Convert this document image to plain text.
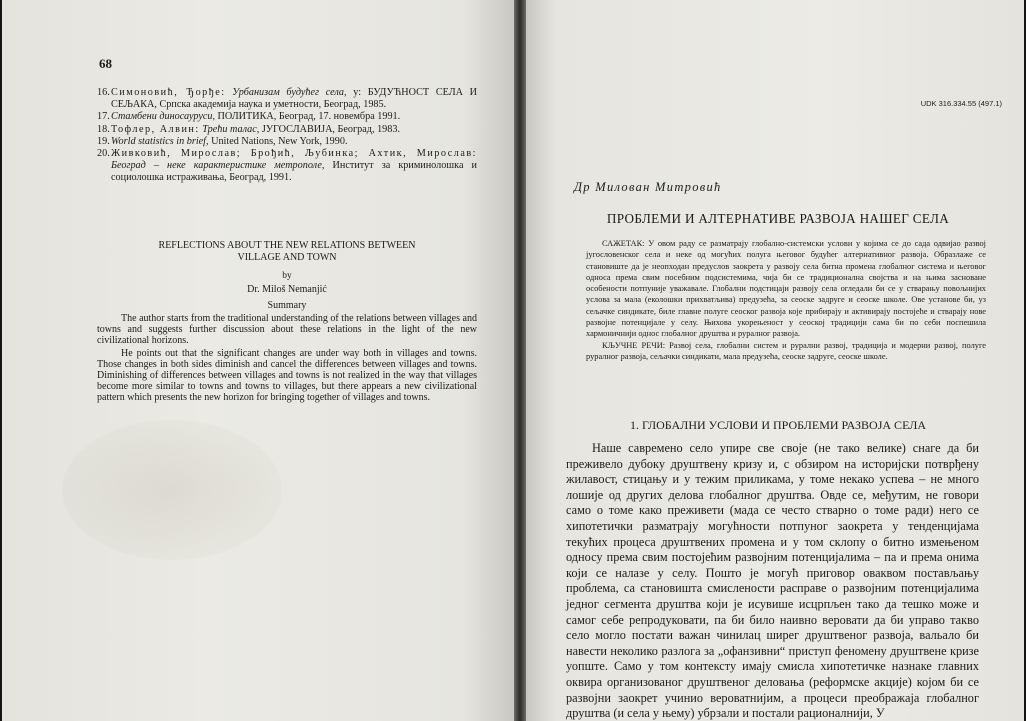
68
16. Симоновић, Ђорђе: Урбанизам будућег села, у: БУДУЋНОСТ СЕЛА И СЕЉАКА, Српска академија наука и уметности, Београд, 1985.
17. Стамбени диносауруси, ПОЛИТИКА, Београд, 17. новембра 1991.
18. Тофлер, Алвин: Трећи талас, ЈУГОСЛАВИЈА, Београд, 1983.
19. World statistics in brief, United Nations, New York, 1990.
20. Живковић, Мирослав; Брођић, Љубинка; Ахтик, Мирослав: Београд – неке карактеристике метрополе, Институт за криминолошка и социолошка истраживања, Београд, 1991.
REFLECTIONS ABOUT THE NEW RELATIONS BETWEEN
VILLAGE AND TOWN
by
Dr. Miloš Nemanjić
Summary

The author starts from the traditional understanding of the relations between villages and towns and suggests further discussion about these relations in the light of the new civilizational horizons.

He points out that the significant changes are under way both in villages and towns. Those changes in both sides diminish and cancel the differences between villages and towns. Diminishing of differences between villages and towns is not realized in the way that villages become more similar to towns and towns to villages, but there appears a new civilizational pattern which presents the new horizon for bringing together of villages and towns.

UDK 316.334.55 (497.1)
Др Милован Митровић
ПРОБЛЕМИ И АЛТЕРНАТИВЕ РАЗВОЈА НАШЕГ СЕЛА

САЖЕТАК: У овом раду се разматрају глобално-системски услови у којима се до сада одвијао развој југословенског села и неке од могућих полуга његовог будућег алтернативног развоја. Образлаже се становиште да је неопходан предуслов заокрета у развоју села битна промена глобалног система и његовог односа према свим посебним подсистемима, чија би се традиционална својства и на њима засноване особености потпуније уважавале. Глобални подстицаји развоју села огледали би се у стварању повољнијих услова за мала (еколошки прихватљива) предузећа, за сеоске задруге и сеоске школе. Ове установе би, уз сељачке синдикате, биле главне полуге сеоског развоја које прибирају и активирају постојеће и стварају нове развојне потенцијале у селу. Њихова укорењеност у сеоској традицији сама би по себи поспешила хармоничнији однос глобалног друштва и руралног развоја.

КЉУЧНЕ РЕЧИ: Развој села, глобални систем и рурални развој, традиција и модерни развој, полуге руралног развоја, сељачки синдикати, мала предузећа, сеоске задруге, сеоске школе.

1. ГЛОБАЛНИ УСЛОВИ И ПРОБЛЕМИ РАЗВОЈА СЕЛА

Наше савремено село упире све своје (не тако велике) снаге да би преживело дубоку друштвену кризу и, с обзиром на историјски потврђену жилавост, стицању и у тежим приликама, у томе некако успева – не много лошије од других делова глобалног друштва. Овде се, међутим, не говори само о томе како преживети (мада се често стварно о томе ради) него се хипотетички разматрају могућности потпуног заокрета у тенденцијама текућих процеса друштвених промена и у том склопу о битно измењеном односу према свим постојећим развојним потенцијалима – па и према онима који се налазе у селу. Пошто је могућ приговор оваквом постављању проблема, са становишта смислености расправе о развојним потенцијалима једног сегмента друштва који је исувише исцрпљен тако да тешко може и самог себе репродуковати, па би било наивно веровати да би управо такво село могло постати важан чинилац ширег друштвеног развоја, вальало би навести неколико разлога за „офанзивни“ приступ феномену друштвене кризе уопште. Само у том контексту имају смисла хипотетичке назнаке главних оквира организованог друштвеног деловања (реформске акције) којом би се развојни заокрет учинио вероватнијим, а процеси преображаја глобалног друштва (и села у њему) убрзали и постали рационалнији, У
